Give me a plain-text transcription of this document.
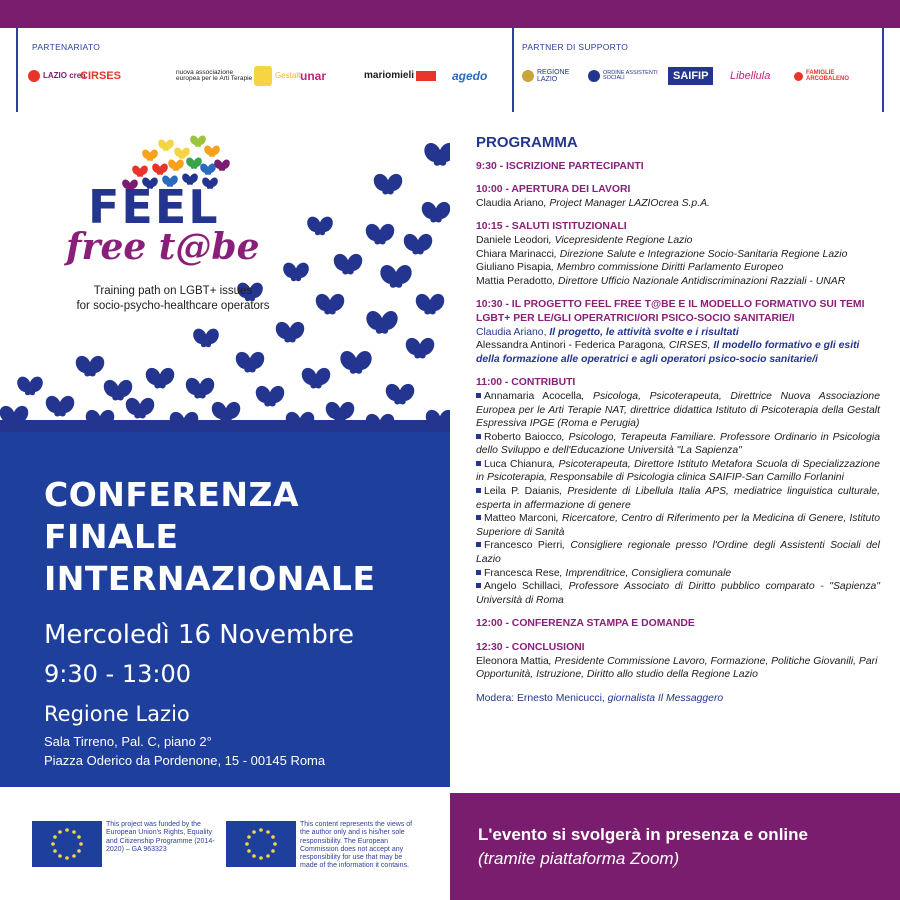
PARTENARIATO	PARTNER DI SUPPORTO
LAZIO crea
CIRSES	nuova associazione europea per le Arti Terapie	Gestalt unar	mariomieli	agedo	REGIONE LAZIO
ORDINE ASSISTENTI SOCIALI	SAIFIP Libellula	FAMIGLIE ARCOBALENO
FEEL
free t@be
Training path on LGBT+ issues
for socio-psycho-healthcare operators
CONFERENZA
FINALE
INTERNAZIONALE
Mercoledì 16 Novembre
9:30 - 13:00
Regione Lazio
Sala Tirreno, Pal. C, piano 2°
Piazza Oderico da Pordenone, 15 - 00145 Roma
PROGRAMMA
9:30 - ISCRIZIONE PARTECIPANTI
10:00 - APERTURA DEI LAVORI
Claudia Ariano, Project Manager LAZIOcrea S.p.A.
10:15 - SALUTI ISTITUZIONALI
Daniele Leodori, Vicepresidente Regione Lazio
Chiara Marinacci, Direzione Salute e Integrazione Socio-Sanitaria Regione Lazio
Giuliano Pisapia, Membro commissione Diritti Parlamento Europeo
Mattia Peradotto, Direttore Ufficio Nazionale Antidiscriminazioni Razziali - UNAR
10:30 - IL PROGETTO FEEL FREE T@BE E IL MODELLO FORMATIVO SUI TEMI LGBT+ PER LE/GLI OPERATRICI/ORI PSICO-SOCIO SANITARIE/I
Claudia Ariano, Il progetto, le attività svolte e i risultati
Alessandra Antinori - Federica Paragona, CIRSES, Il modello formativo e gli esiti della formazione alle operatrici e agli operatori psico-socio sanitarie/i
11:00 - CONTRIBUTI
Annamaria Acocella, Psicologa, Psicoterapeuta, Direttrice Nuova Associazione Europea per le Arti Terapie NAT, direttrice didattica Istituto di Psicoterapia della Gestalt Espressiva IPGE (Roma e Perugia)
Roberto Baiocco, Psicologo, Terapeuta Familiare. Professore Ordinario in Psicologia dello Sviluppo e dell'Educazione Università "La Sapienza"
Luca Chianura, Psicoterapeuta, Direttore Istituto Metafora Scuola di Specializzazione in Psicoterapia, Responsabile di Psicologia clinica SAIFIP-San Camillo Forlanini
Leila P. Daianis, Presidente di Libellula Italia APS, mediatrice linguistica culturale, esperta in affermazione di genere
Matteo Marconi, Ricercatore, Centro di Riferimento per la Medicina di Genere, Istituto Superiore di Sanità
Francesco Pierri, Consigliere regionale presso l'Ordine degli Assistenti Sociali del Lazio
Francesca Rese, Imprenditrice, Consigliera comunale
Angelo Schillaci, Professore Associato di Diritto pubblico comparato - "Sapienza" Università di Roma
12:00 - CONFERENZA STAMPA E DOMANDE
12:30 - CONCLUSIONI
Eleonora Mattia, Presidente Commissione Lavoro, Formazione, Politiche Giovanili, Pari Opportunità, Istruzione, Diritto allo studio della Regione Lazio
Modera: Ernesto Menicucci, giornalista Il Messaggero
This project was funded by the European Union's Rights, Equality and Citizenship Programme (2014-2020) – GA 963323
This content represents the views of the author only and is his/her sole responsibility. The European Commission does not accept any responsibility for use that may be made of the information it contains.
L'evento si svolgerà in presenza e online
(tramite piattaforma Zoom)
